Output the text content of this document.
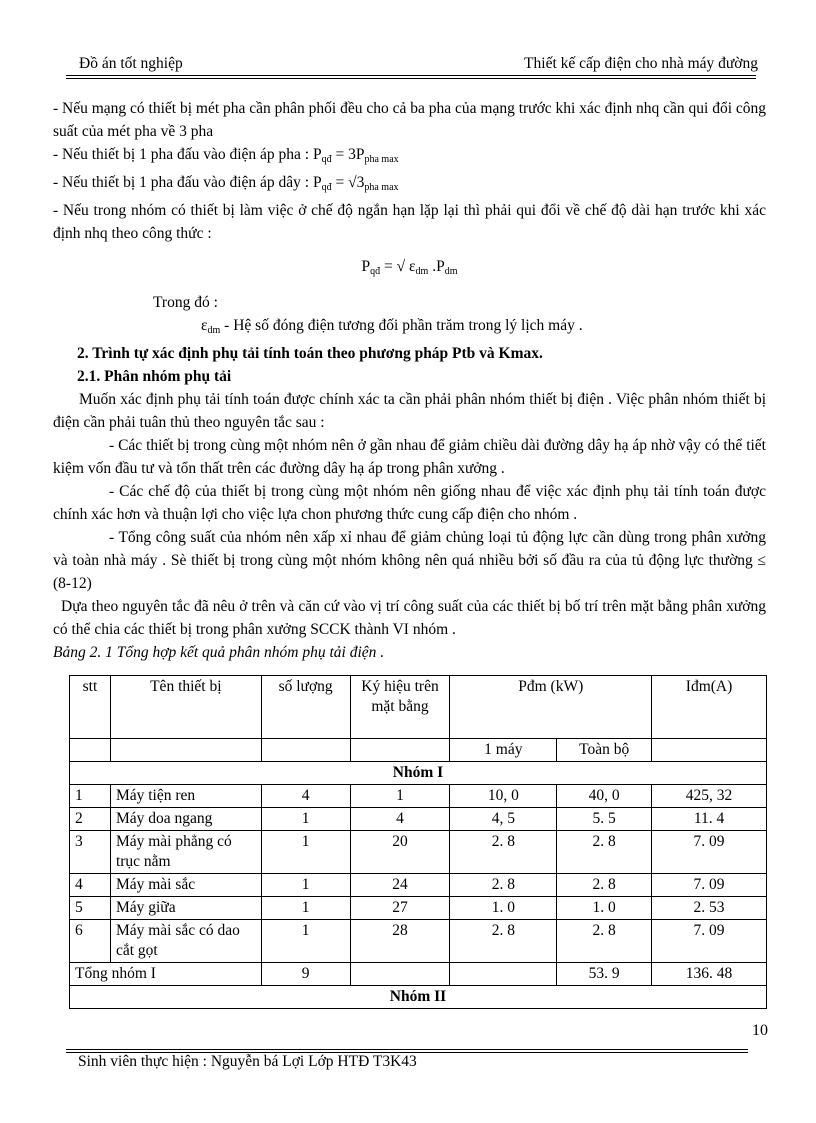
Đồ án tốt nghiệp	Thiết kế cấp điện cho nhà máy đường

- Nếu mạng có thiết bị mét pha cần phân phối đều cho cả ba pha của mạng trước khi xác định nhq cần qui đổi công suất của mét pha về 3 pha

- Nếu thiết bị 1 pha đấu vào điện áp pha : $P_{qđ} = 3P_{pha max}$

- Nếu thiết bị 1 pha đấu vào điện áp dây : $P_{qđ} = √3_{pha max}$

- Nếu trong nhóm có thiết bị làm việc ở chế độ ngắn hạn lặp lại thì phải qui đổi về chế độ dài hạn trước khi xác định nhq theo công thức :

$P_{qđ}$ = √ $\varepsilon_{dm}$ $.P_{dm}$

Trong đó :

$\varepsilon_{dm}$ - Hệ số đóng điện tương đối phần trăm trong lý lịch máy .

2. Trình tự xác định phụ tải tính toán theo phương pháp Ptb và Kmax.

2.1. Phân nhóm phụ tải

Muốn xác định phụ tải tính toán được chính xác ta cần phải phân nhóm thiết bị điện . Việc phân nhóm thiết bị điện cần phải tuân thủ theo nguyên tắc sau :

- Các thiết bị trong cùng một nhóm nên ở gần nhau để giảm chiều dài đường dây hạ áp nhờ vậy có thể tiết kiệm vốn đầu tư và tổn thất trên các đường dây hạ áp trong phân xưởng .

- Các chế độ của thiết bị trong cùng một nhóm nên giống nhau để việc xác định phụ tải tính toán được chính xác hơn và thuận lợi cho việc lựa chon phương thức cung cấp điện cho nhóm .

- Tổng công suất của nhóm nên xấp xỉ nhau để giảm chủng loại tủ động lực cần dùng trong phân xưởng và toàn nhà máy . Sè thiết bị trong cùng một nhóm không nên quá nhiều bởi số đầu ra của tủ động lực thường ≤ (8-12)

Dựa theo nguyên tắc đã nêu ở trên và căn cứ vào vị trí công suất của các thiết bị bố trí trên mặt bằng phân xưởng có thể chia các thiết bị trong phân xưởng SCCK thành VI nhóm .

Bảng 2. 1 Tổng hợp kết quả phân nhóm phụ tải điện .

stt	Tên thiết bị	số lượng	Ký hiệu trên mặt bằng	Pđm (kW)		Iđm(A)
				1 máy	Toàn bộ	
Nhóm I						
1	Máy tiện ren	4	1	10, 0	40, 0	425, 32
2	Máy doa ngang	1	4	4, 5	5. 5	11. 4
3	Máy mài phẳng có trục nằm	1	20	2. 8	2. 8	7. 09
4	Máy mài sắc	1	24	2. 8	2. 8	7. 09
5	Máy giữa	1	27	1. 0	1. 0	2. 53
6	Máy mài sắc có dao cắt gọt	1	28	2. 8	2. 8	7. 09
Tổng nhóm I		9			53. 9	136. 48
Nhóm II						
10
Sinh viên thực hiện : Nguyễn bá Lợi Lớp HTĐ T3K43
